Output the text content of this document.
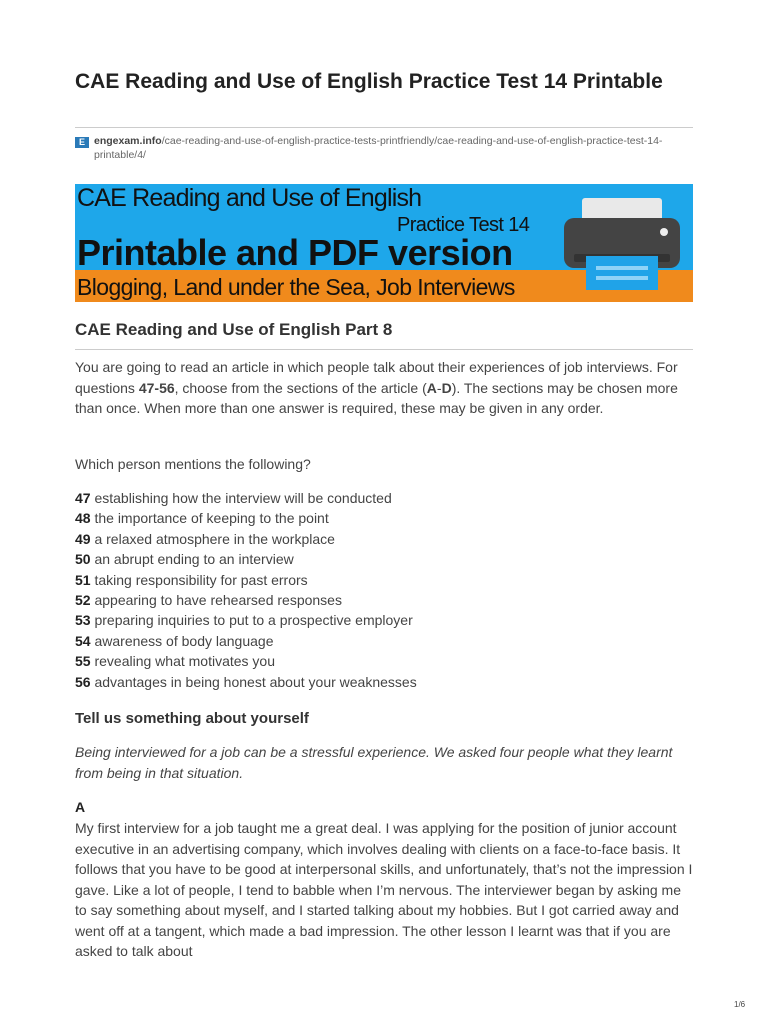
CAE Reading and Use of English Practice Test 14 Printable
E engexam.info/cae-reading-and-use-of-english-practice-tests-printfriendly/cae-reading-and-use-of-english-practice-test-14-printable/4/
CAE Reading and Use of English
Practice Test 14
Printable and PDF version
Blogging, Land under the Sea, Job Interviews
CAE Reading and Use of English Part 8

You are going to read an article in which people talk about their experiences of job interviews. For questions 47-56, choose from the sections of the article (A-D). The sections may be chosen more than once. When more than one answer is required, these may be given in any order.

Which person mentions the following?

47 establishing how the interview will be conducted
48 the importance of keeping to the point
49 a relaxed atmosphere in the workplace
50 an abrupt ending to an interview
51 taking responsibility for past errors
52 appearing to have rehearsed responses
53 preparing inquiries to put to a prospective employer
54 awareness of body language
55 revealing what motivates you
56 advantages in being honest about your weaknesses
Tell us something about yourself

Being interviewed for a job can be a stressful experience. We asked four people what they learnt from being in that situation.

A

My first interview for a job taught me a great deal. I was applying for the position of junior account executive in an advertising company, which involves dealing with clients on a face-to-face basis. It follows that you have to be good at interpersonal skills, and unfortunately, that’s not the impression I gave. Like a lot of people, I tend to babble when I’m nervous. The interviewer began by asking me to say something about myself, and I started talking about my hobbies. But I got carried away and went off at a tangent, which made a bad impression. The other lesson I learnt was that if you are asked to talk about

1/6
